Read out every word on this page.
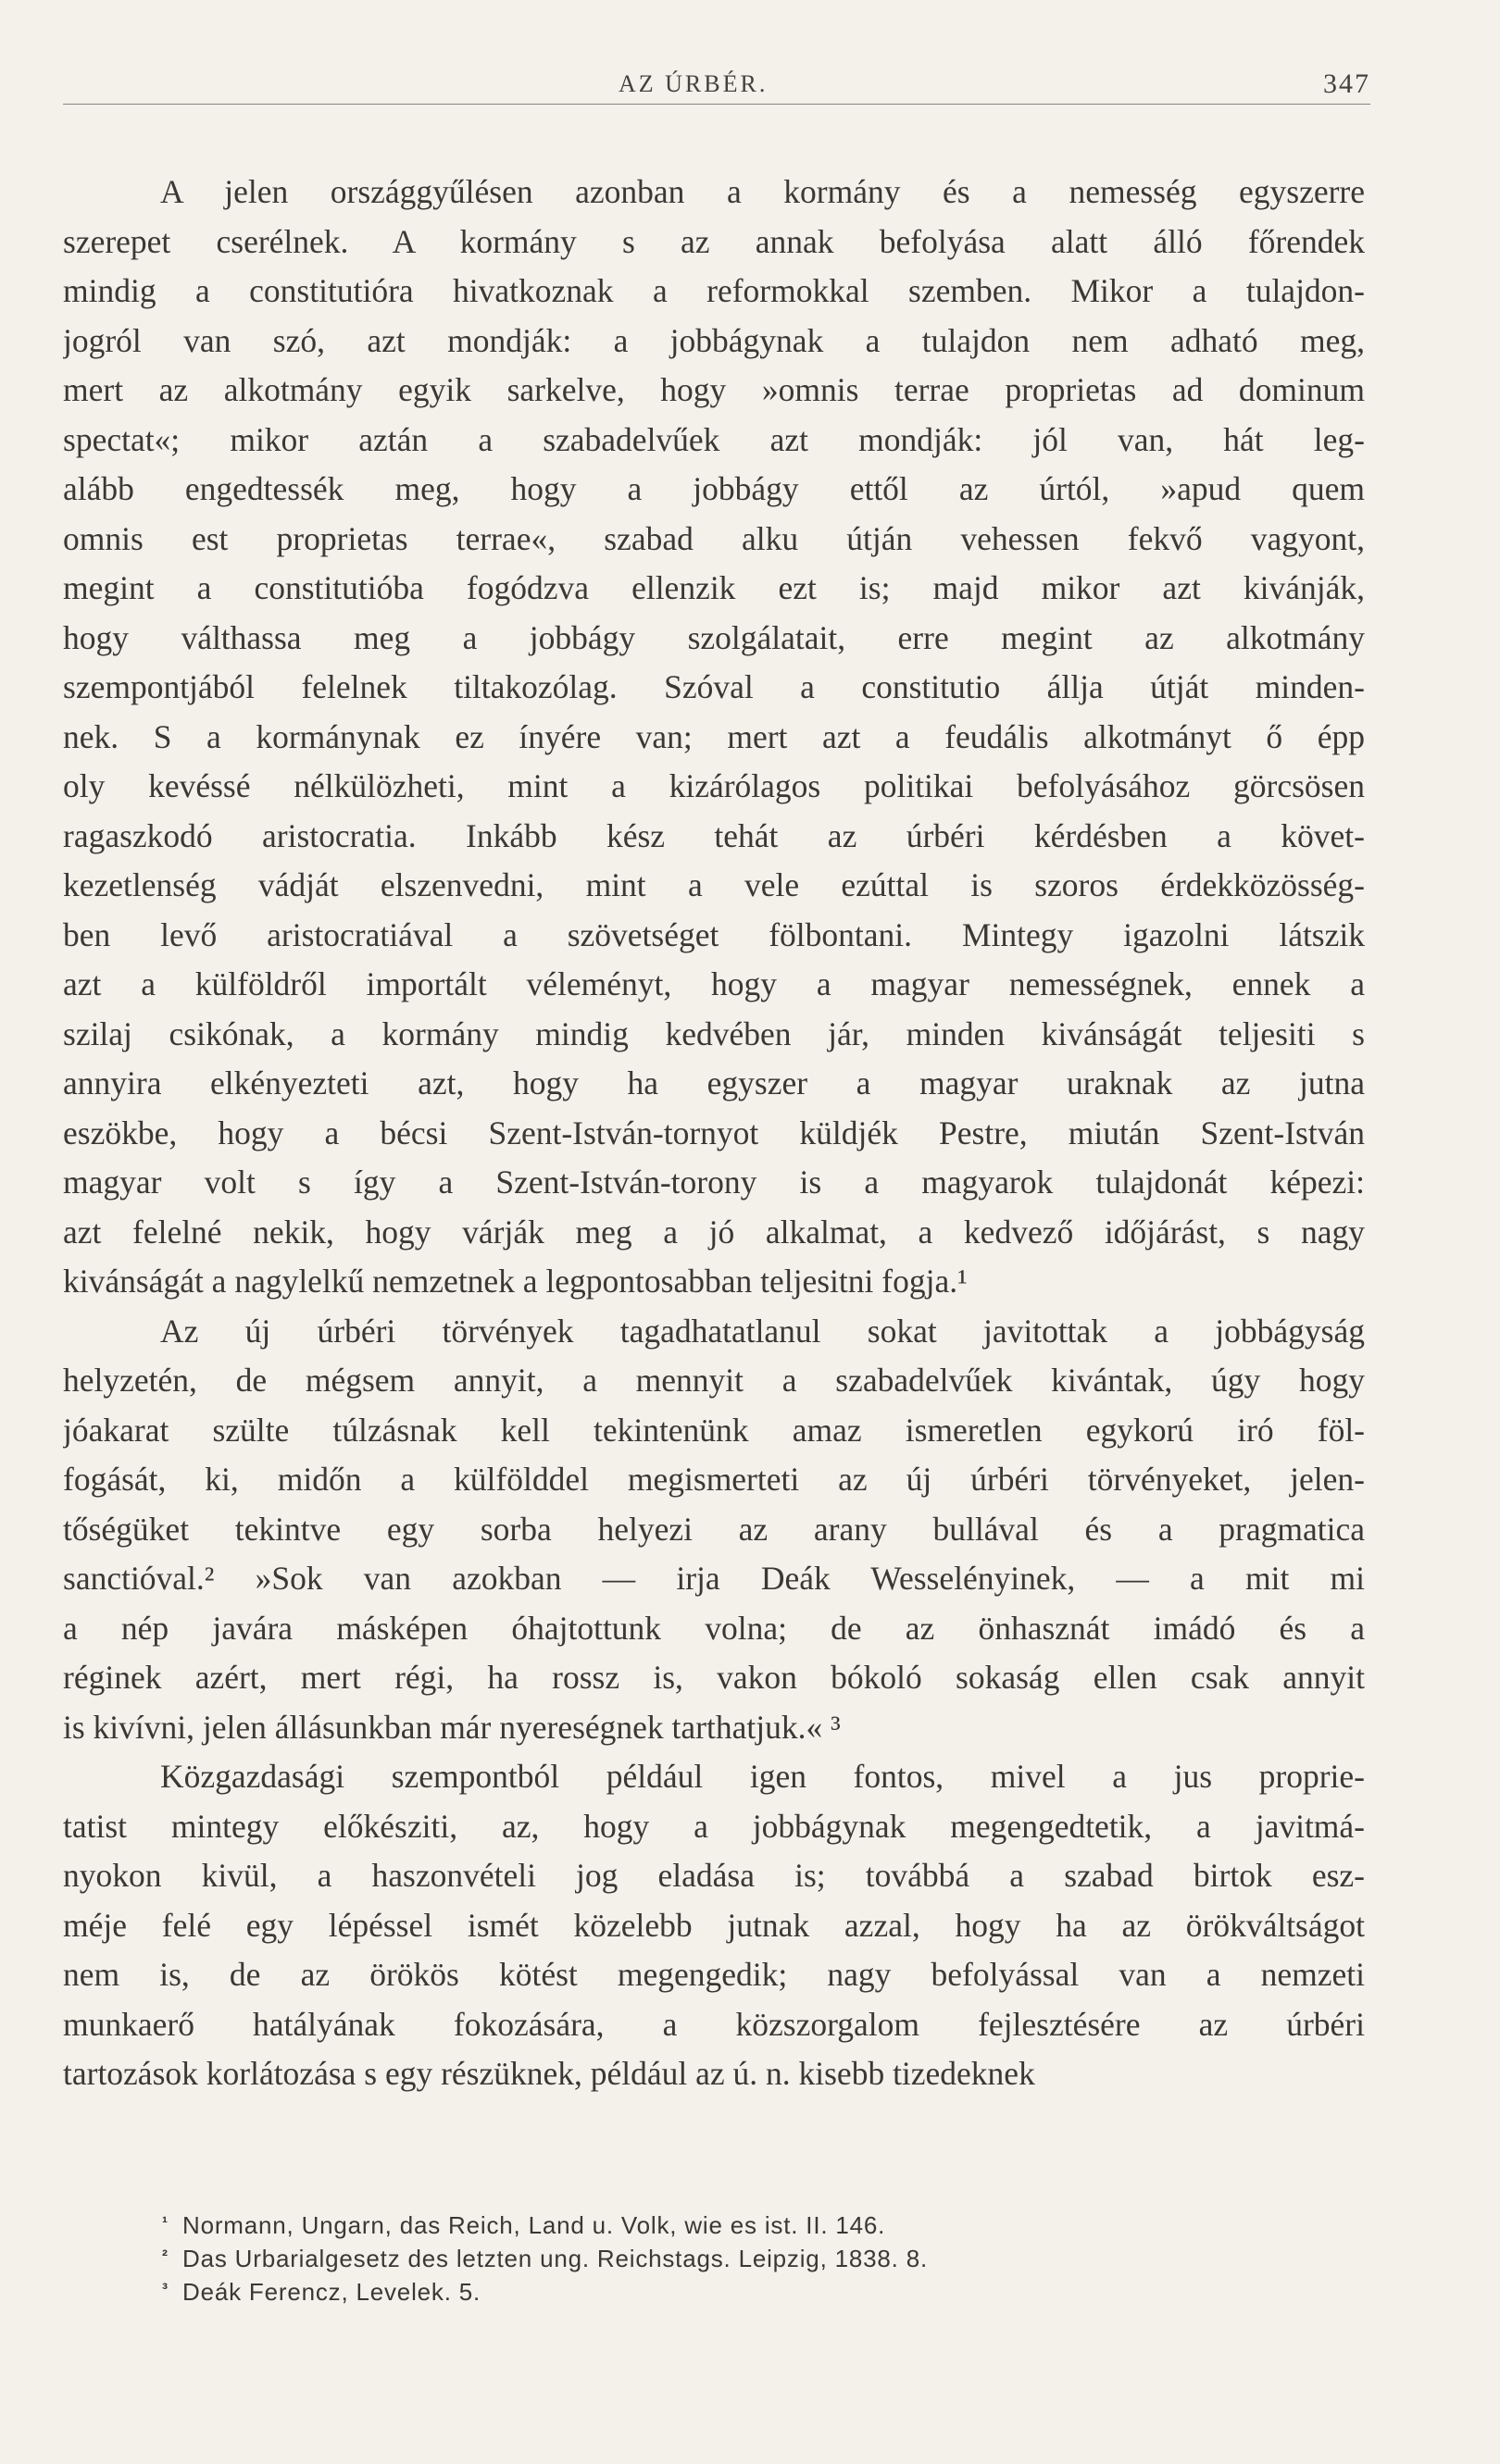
AZ ÚRBÉR.	347
A jelen országgyűlésen azonban a kormány és a nemesség egyszerre
szerepet cserélnek. A kormány s az annak befolyása alatt álló főrendek
mindig a constitutióra hivatkoznak a reformokkal szemben. Mikor a tulajdon-
jogról van szó, azt mondják: a jobbágynak a tulajdon nem adható meg,
mert az alkotmány egyik sarkelve, hogy »omnis terrae proprietas ad dominum
spectat«; mikor aztán a szabadelvűek azt mondják: jól van, hát leg-
alább engedtessék meg, hogy a jobbágy ettől az úrtól, »apud quem
omnis est proprietas terrae«, szabad alku útján vehessen fekvő vagyont,
megint a constitutióba fogódzva ellenzik ezt is; majd mikor azt kivánják,
hogy válthassa meg a jobbágy szolgálatait, erre megint az alkotmány
szempontjából felelnek tiltakozólag. Szóval a constitutio állja útját minden-
nek. S a kormánynak ez ínyére van; mert azt a feudális alkotmányt ő épp
oly kevéssé nélkülözheti, mint a kizárólagos politikai befolyásához görcsösen
ragaszkodó aristocratia. Inkább kész tehát az úrbéri kérdésben a követ-
kezetlenség vádját elszenvedni, mint a vele ezúttal is szoros érdekközösség-
ben levő aristocratiával a szövetséget fölbontani. Mintegy igazolni látszik
azt a külföldről importált véleményt, hogy a magyar nemességnek, ennek a
szilaj csikónak, a kormány mindig kedvében jár, minden kivánságát teljesiti s
annyira elkényezteti azt, hogy ha egyszer a magyar uraknak az jutna
eszökbe, hogy a bécsi Szent-István-tornyot küldjék Pestre, miután Szent-István
magyar volt s így a Szent-István-torony is a magyarok tulajdonát képezi:
azt felelné nekik, hogy várják meg a jó alkalmat, a kedvező időjárást, s nagy
kivánságát a nagylelkű nemzetnek a legpontosabban teljesitni fogja.¹
Az új úrbéri törvények tagadhatatlanul sokat javitottak a jobbágyság
helyzetén, de mégsem annyit, a mennyit a szabadelvűek kivántak, úgy hogy
jóakarat szülte túlzásnak kell tekintenünk amaz ismeretlen egykorú iró föl-
fogását, ki, midőn a külfölddel megismerteti az új úrbéri törvényeket, jelen-
tőségüket tekintve egy sorba helyezi az arany bullával és a pragmatica
sanctióval.² »Sok van azokban — irja Deák Wesselényinek, — a mit mi
a nép javára másképen óhajtottunk volna; de az önhasznát imádó és a
réginek azért, mert régi, ha rossz is, vakon bókoló sokaság ellen csak annyit
is kivívni, jelen állásunkban már nyereségnek tarthatjuk.« ³
Közgazdasági szempontból például igen fontos, mivel a jus proprie-
tatist mintegy előkésziti, az, hogy a jobbágynak megengedtetik, a javitmá-
nyokon kivül, a haszonvételi jog eladása is; továbbá a szabad birtok esz-
méje felé egy lépéssel ismét közelebb jutnak azzal, hogy ha az örökváltságot
nem is, de az örökös kötést megengedik; nagy befolyással van a nemzeti
munkaerő hatályának fokozására, a közszorgalom fejlesztésére az úrbéri
tartozások korlátozása s egy részüknek, például az ú. n. kisebb tizedeknek
¹ Normann, Ungarn, das Reich, Land u. Volk, wie es ist. II. 146.
² Das Urbarialgesetz des letzten ung. Reichstags. Leipzig, 1838. 8.
³ Deák Ferencz, Levelek. 5.
